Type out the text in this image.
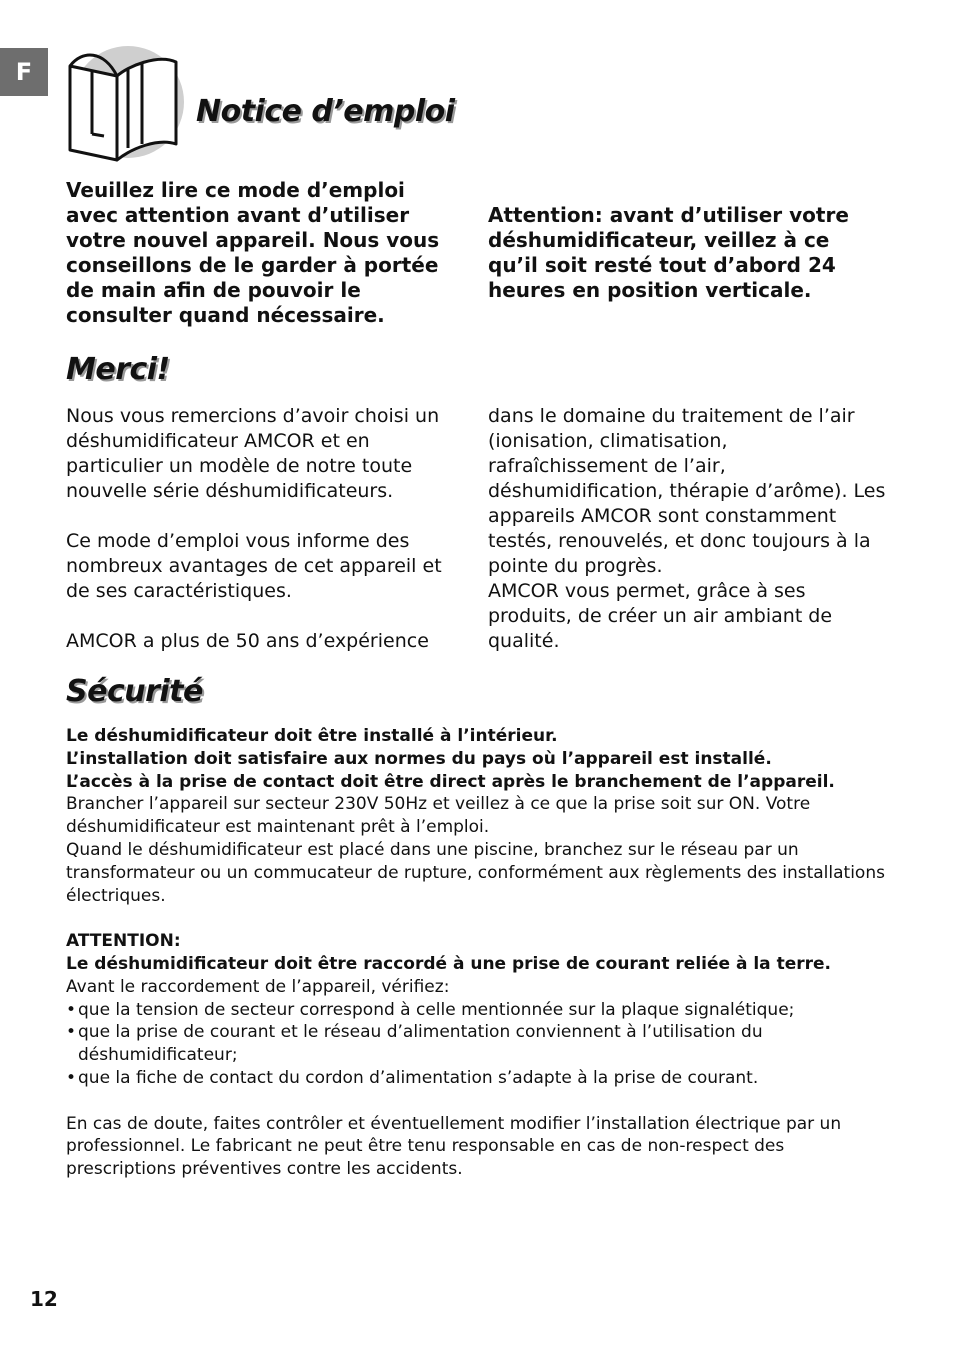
F
Notice d’emploi

Veuillez lire ce mode d’emploi avec attention avant d’utiliser votre nouvel appareil. Nous vous conseillons de le garder à portée de main afin de pouvoir le consulter quand nécessaire.

Attention: avant d’utiliser votre déshumidificateur, veillez à ce qu’il soit resté tout d’abord 24 heures en position verticale.

Merci!

Nous vous remercions d’avoir choisi un déshumidificateur AMCOR et en particulier un modèle de notre toute nouvelle série déshumidificateurs.

Ce mode d’emploi vous informe des nombreux avantages de cet appareil et de ses caractéristiques.

AMCOR a plus de 50 ans d’expérience

dans le domaine du traitement de l’air (ionisation, climatisation, rafraîchissement de l’air, déshumidification, thérapie d’arôme). Les appareils AMCOR sont constamment testés, renouvelés, et donc toujours à la pointe du progrès.

AMCOR vous permet, grâce à ses produits, de créer un air ambiant de qualité.

Sécurité

Le déshumidificateur doit être installé à l’intérieur.

L’installation doit satisfaire aux normes du pays où l’appareil est installé.

L’accès à la prise de contact doit être direct après le branchement de l’appareil.

Brancher l’appareil sur secteur 230V 50Hz et veillez à ce que la prise soit sur ON. Votre déshumidificateur est maintenant prêt à l’emploi.

Quand le déshumidificateur est placé dans une piscine, branchez sur le réseau par un transformateur ou un commucateur de rupture, conformément aux règlements des installations électriques.

ATTENTION:

Le déshumidificateur doit être raccordé à une prise de courant reliée à la terre.

Avant le raccordement de l’appareil, vérifiez:

• que la tension de secteur correspond à celle mentionnée sur la plaque signalétique;
• que la prise de courant et le réseau d’alimentation conviennent à l’utilisation du déshumidificateur;
• que la fiche de contact du cordon d’alimentation s’adapte à la prise de courant.

En cas de doute, faites contrôler et éventuellement modifier l’installation électrique par un professionnel. Le fabricant ne peut être tenu responsable en cas de non-respect des prescriptions préventives contre les accidents.

12
